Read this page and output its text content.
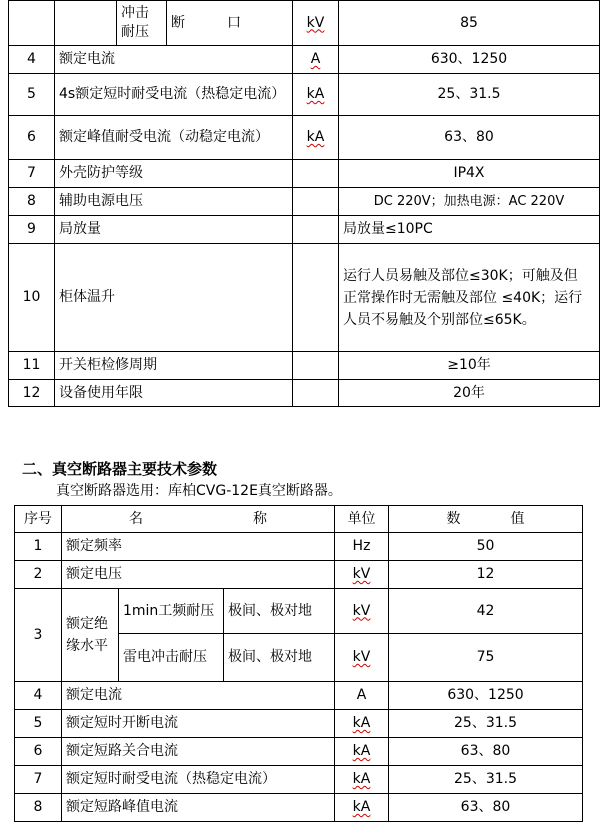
		冲击耐压	断　　　口	kV	85
4	额定电流			A	630、1250
5	4s额定短时耐受电流（热稳定电流）			kA	25、31.5
6	额定峰值耐受电流（动稳定电流）			kA	63、80
7	外壳防护等级				IP4X
8	辅助电源电压				DC 220V；加热电源：AC 220V
9	局放量				局放量≤10PC
10	柜体温升				运行人员易触及部位≤30K；可触及但正常操作时无需触及部位 ≤40K；运行人员不易触及个别部位≤65K。
11	开关柜检修周期				≥10年
12	设备使用年限				20年
二、真空断路器主要技术参数
真空断路器选用：库柏CVG-12E真空断路器。
序号	名 称			单位	数 值
1	额定频率			Hz	50
2	额定电压			kV	12
3	额定绝缘水平	1min工频耐压	极间、极对地	kV	42
		雷电冲击耐压	极间、极对地	kV	75
4	额定电流			A	630、1250
5	额定短时开断电流			kA	25、31.5
6	额定短路关合电流			kA	63、80
7	额定短时耐受电流（热稳定电流）			kA	25、31.5
8	额定短路峰值电流			kA	63、80
